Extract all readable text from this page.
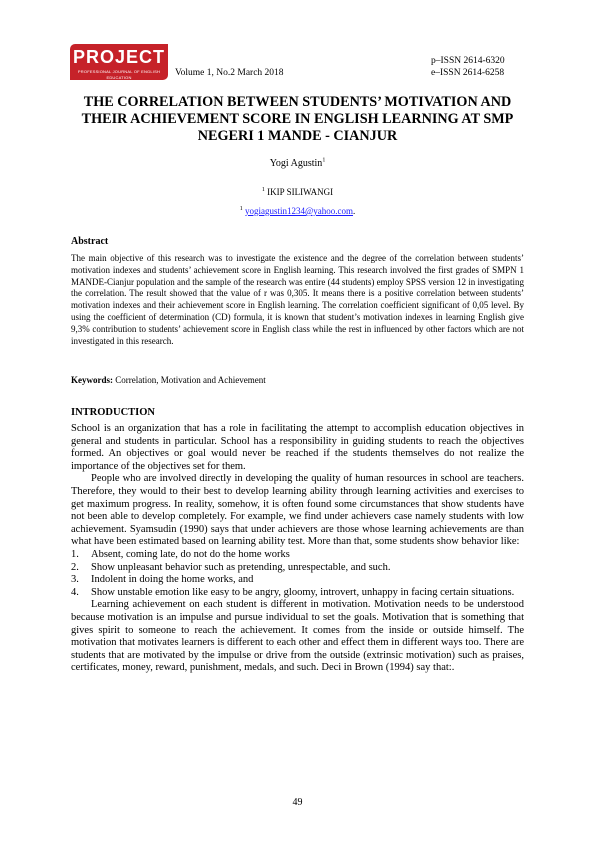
PROJECT
PROFESSIONAL JOURNAL OF ENGLISH EDUCATION	Volume 1, No.2 March 2018
p–ISSN 2614-6320
e–ISSN 2614-6258
THE CORRELATION BETWEEN STUDENTS’ MOTIVATION AND THEIR ACHIEVEMENT SCORE IN ENGLISH LEARNING AT SMP NEGERI 1 MANDE - CIANJUR
Yogi Agustin$^1$
$^1$ IKIP SILIWANGI
$^1$ yogiagustin1234@yahoo.com.
Abstract
The main objective of this research was to investigate the existence and the degree of the correlation between students’ motivation indexes and students’ achievement score in English learning. This research involved the first grades of SMPN 1 MANDE-Cianjur population and the sample of the research was entire (44 students) employ SPSS version 12 in investigating the correlation. The result showed that the value of r was 0,305. It means there is a positive correlation between students’ motivation indexes and their achievement score in English learning. The correlation coefficient significant of 0,05 level. By using the coefficient of determination (CD) formula, it is known that student’s motivation indexes in learning English give 9,3% contribution to students’ achievement score in English class while the rest in influenced by other factors which are not investigated in this research.
Keywords: Correlation, Motivation and Achievement
INTRODUCTION

School is an organization that has a role in facilitating the attempt to accomplish education objectives in general and students in particular. School has a responsibility in guiding students to reach the objectives formed. An objectives or goal would never be reached if the students themselves do not realize the importance of the objectives set for them.

People who are involved directly in developing the quality of human resources in school are teachers. Therefore, they would to their best to develop learning ability through learning activities and exercises to get maximum progress. In reality, somehow, it is often found some circumstances that show students have not been able to develop completely. For example, we find under achievers case namely students with low achievement. Syamsudin (1990) says that under achievers are those whose learning achievements are than what have been estimated based on learning ability test. More than that, some students show behavior like:

1. Absent, coming late, do not do the home works
2. Show unpleasant behavior such as pretending, unrespectable, and such.
3. Indolent in doing the home works, and
4. Show unstable emotion like easy to be angry, gloomy, introvert, unhappy in facing certain situations.

Learning achievement on each student is different in motivation. Motivation needs to be understood because motivation is an impulse and pursue individual to set the goals. Motivation that is something that gives spirit to someone to reach the achievement. It comes from the inside or outside himself. The motivation that motivates learners is different to each other and effect them in different ways too. There are students that are motivated by the impulse or drive from the outside (extrinsic motivation) such as praises, certificates, money, reward, punishment, medals, and such. Deci in Brown (1994) say that:.

49
